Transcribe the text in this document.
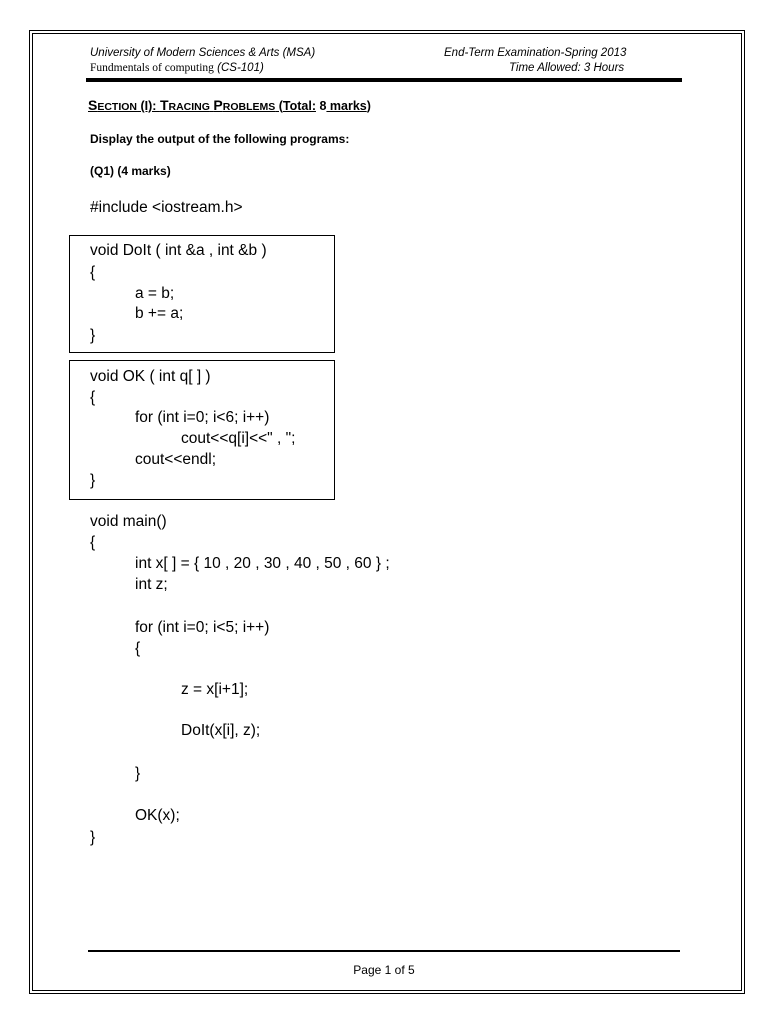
University of Modern Sciences & Arts (MSA)
Fundmentals of computing (CS-101)
End-Term Examination-Spring 2013
Time Allowed: 3 Hours
SECTION (I): TRACING PROBLEMS (Total: 8 marks)
Display the output of the following programs:
(Q1) (4 marks)
#include <iostream.h>
void DoIt ( int &a , int &b )
{
a = b;
b += a;
}
void OK ( int q[ ] )
{
for (int i=0; i<6; i++)
cout<<q[i]<<" , ";
cout<<endl;
}
void main()
{
int x[ ] = { 10 , 20 , 30 , 40 , 50 , 60 } ;
int z;
for (int i=0; i<5; i++)
{
z = x[i+1];
DoIt(x[i], z);
}
OK(x);
}
Page 1 of 5
